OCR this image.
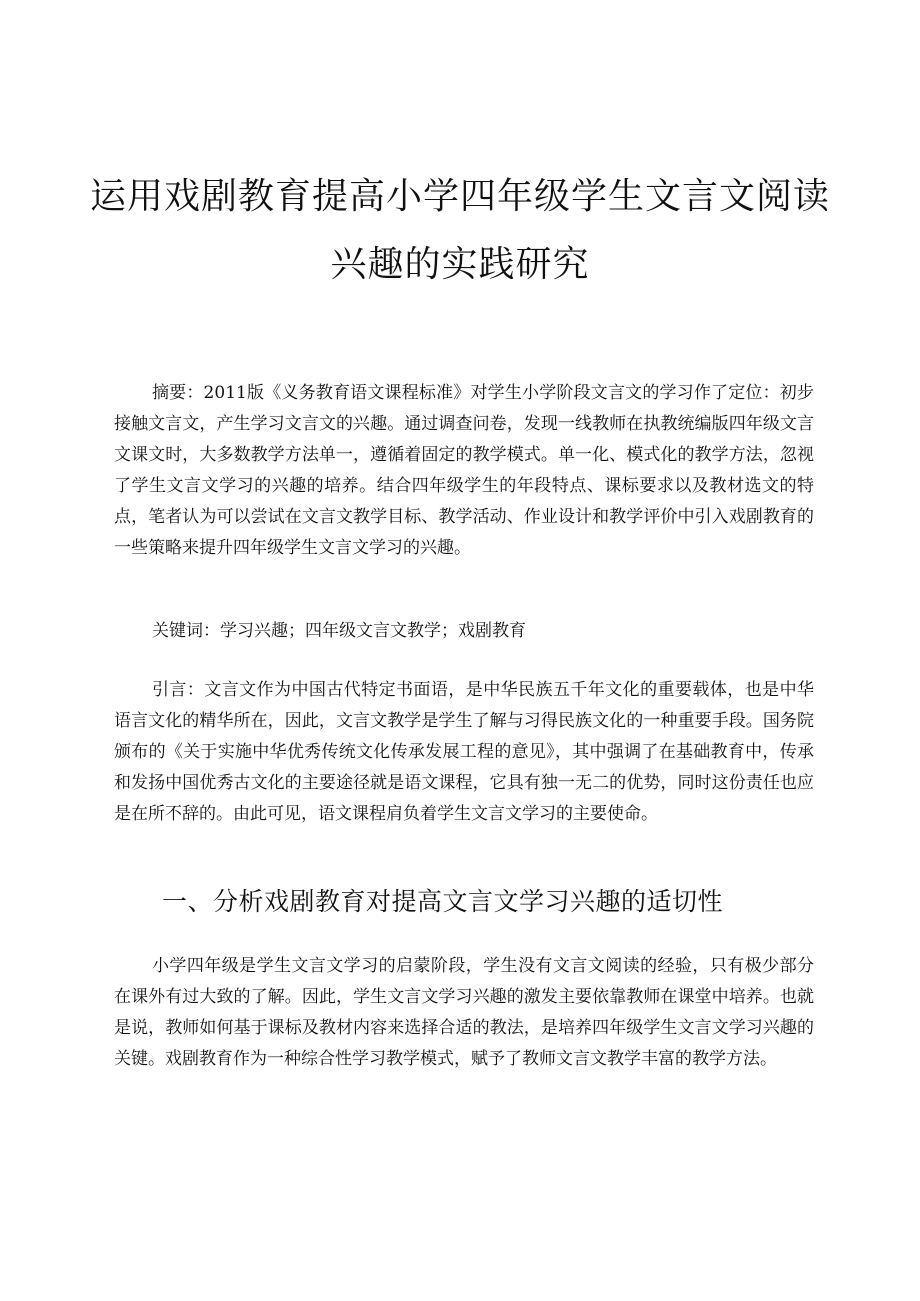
运用戏剧教育提高小学四年级学生文言文阅读
兴趣的实践研究

摘要：2011版《义务教育语文课程标准》对学生小学阶段文言文的学习作了定位：初步接触文言文，产生学习文言文的兴趣。通过调查问卷，发现一线教师在执教统编版四年级文言文课文时，大多数教学方法单一，遵循着固定的教学模式。单一化、模式化的教学方法，忽视了学生文言文学习的兴趣的培养。结合四年级学生的年段特点、课标要求以及教材选文的特点，笔者认为可以尝试在文言文教学目标、教学活动、作业设计和教学评价中引入戏剧教育的一些策略来提升四年级学生文言文学习的兴趣。

关键词：学习兴趣；四年级文言文教学；戏剧教育

引言：文言文作为中国古代特定书面语，是中华民族五千年文化的重要载体，也是中华语言文化的精华所在，因此，文言文教学是学生了解与习得民族文化的一种重要手段。国务院颁布的《关于实施中华优秀传统文化传承发展工程的意见》，其中强调了在基础教育中，传承和发扬中国优秀古文化的主要途径就是语文课程，它具有独一无二的优势，同时这份责任也应是在所不辞的。由此可见，语文课程肩负着学生文言文学习的主要使命。

一、分析戏剧教育对提高文言文学习兴趣的适切性

小学四年级是学生文言文学习的启蒙阶段，学生没有文言文阅读的经验，只有极少部分在课外有过大致的了解。因此，学生文言文学习兴趣的激发主要依靠教师在课堂中培养。也就是说，教师如何基于课标及教材内容来选择合适的教法，是培养四年级学生文言文学习兴趣的关键。戏剧教育作为一种综合性学习教学模式，赋予了教师文言文教学丰富的教学方法。
